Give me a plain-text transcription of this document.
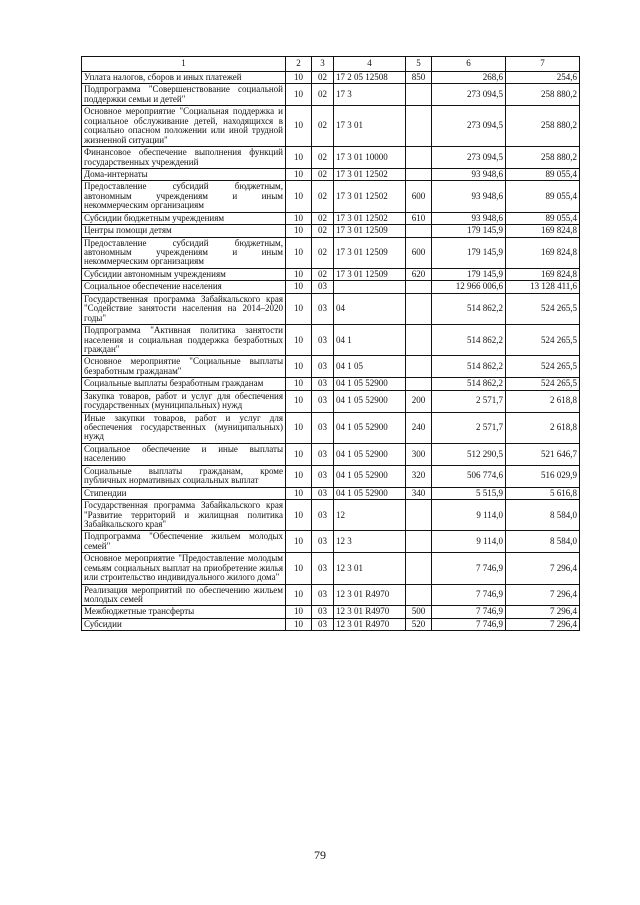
1	2	3	4	5	6	7
Уплата налогов, сборов и иных платежей	10	02	17 2 05 12508	850	268,6	254,6
Подпрограмма "Совершенствование социальной поддержки семьи и детей"	10	02	17 3		273 094,5	258 880,2
Основное мероприятие "Социальная поддержка и социальное обслуживание детей, находящихся в социально опасном положении или иной трудной жизненной ситуации"	10	02	17 3 01		273 094,5	258 880,2
Финансовое обеспечение выполнения функций государственных учреждений	10	02	17 3 01 10000		273 094,5	258 880,2
Дома-интернаты	10	02	17 3 01 12502		93 948,6	89 055,4
Предоставление субсидий бюджетным, автономным учреждениям и иным некоммерческим организациям	10	02	17 3 01 12502	600	93 948,6	89 055,4
Субсидии бюджетным учреждениям	10	02	17 3 01 12502	610	93 948,6	89 055,4
Центры помощи детям	10	02	17 3 01 12509		179 145,9	169 824,8
Предоставление субсидий бюджетным, автономным учреждениям и иным некоммерческим организациям	10	02	17 3 01 12509	600	179 145,9	169 824,8
Субсидии автономным учреждениям	10	02	17 3 01 12509	620	179 145,9	169 824,8
Социальное обеспечение населения	10	03			12 966 006,6	13 128 411,6
Государственная программа Забайкальского края "Содействие занятости населения на 2014–2020 годы"	10	03	04		514 862,2	524 265,5
Подпрограмма "Активная политика занятости населения и социальная поддержка безработных граждан"	10	03	04 1		514 862,2	524 265,5
Основное мероприятие "Социальные выплаты безработным гражданам"	10	03	04 1 05		514 862,2	524 265,5
Социальные выплаты безработным гражданам	10	03	04 1 05 52900		514 862,2	524 265,5
Закупка товаров, работ и услуг для обеспечения государственных (муниципальных) нужд	10	03	04 1 05 52900	200	2 571,7	2 618,8
Иные закупки товаров, работ и услуг для обеспечения государственных (муниципальных) нужд	10	03	04 1 05 52900	240	2 571,7	2 618,8
Социальное обеспечение и иные выплаты населению	10	03	04 1 05 52900	300	512 290,5	521 646,7
Социальные выплаты гражданам, кроме публичных нормативных социальных выплат	10	03	04 1 05 52900	320	506 774,6	516 029,9
Стипендии	10	03	04 1 05 52900	340	5 515,9	5 616,8
Государственная программа Забайкальского края "Развитие территорий и жилищная политика Забайкальского края"	10	03	12		9 114,0	8 584,0
Подпрограмма "Обеспечение жильем молодых семей"	10	03	12 3		9 114,0	8 584,0
Основное мероприятие "Предоставление молодым семьям социальных выплат на приобретение жилья или строительство индивидуального жилого дома"	10	03	12 3 01		7 746,9	7 296,4
Реализация мероприятий по обеспечению жильем молодых семей	10	03	12 3 01 R4970		7 746,9	7 296,4
Межбюджетные трансферты	10	03	12 3 01 R4970	500	7 746,9	7 296,4
Субсидии	10	03	12 3 01 R4970	520	7 746,9	7 296,4
79
